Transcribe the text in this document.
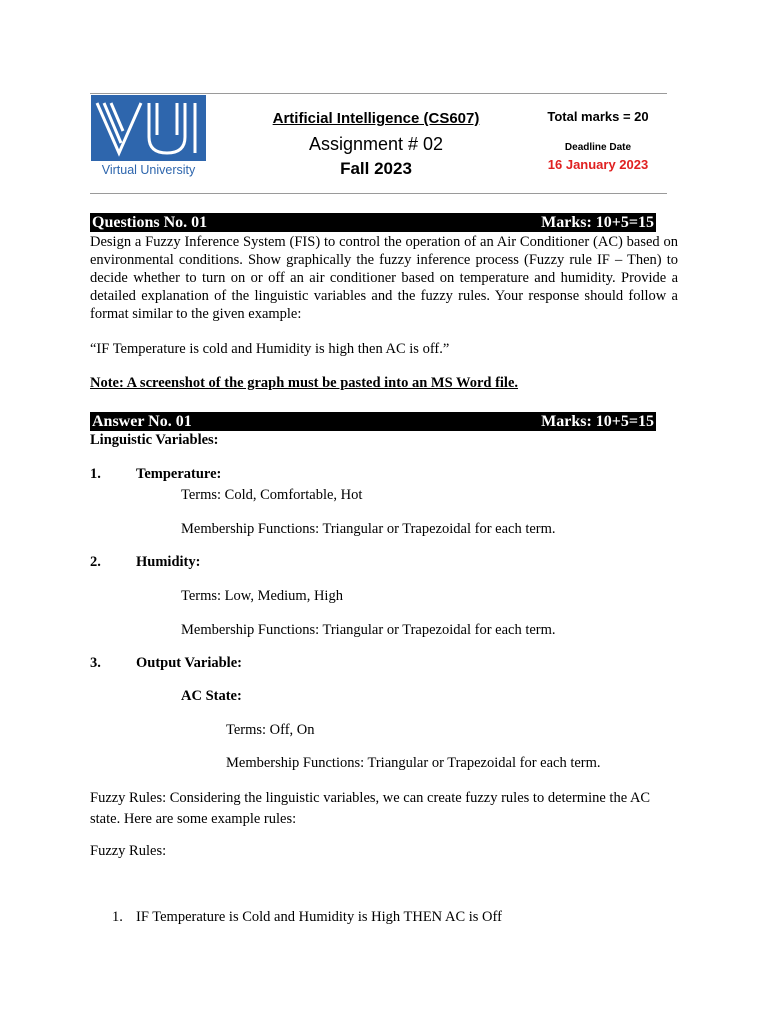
Virtual University
Artificial Intelligence (CS607)
Assignment # 02
Fall 2023
Total marks = 20
Deadline Date
16 January 2023
Questions No. 01	Marks: 10+5=15
Design a Fuzzy Inference System (FIS) to control the operation of an Air Conditioner (AC) based on environmental conditions. Show graphically the fuzzy inference process (Fuzzy rule IF – Then) to decide whether to turn on or off an air conditioner based on temperature and humidity. Provide a detailed explanation of the linguistic variables and the fuzzy rules. Your response should follow a format similar to the given example:
“IF Temperature is cold and Humidity is high then AC is off.”
Note: A screenshot of the graph must be pasted into an MS Word file.
Answer No. 01	Marks: 10+5=15
Linguistic Variables:
1. Temperature:
Terms: Cold, Comfortable, Hot
Membership Functions: Triangular or Trapezoidal for each term.
2. Humidity:
Terms: Low, Medium, High
Membership Functions: Triangular or Trapezoidal for each term.
3. Output Variable:
AC State:
Terms: Off, On
Membership Functions: Triangular or Trapezoidal for each term.
Fuzzy Rules: Considering the linguistic variables, we can create fuzzy rules to determine the AC state. Here are some example rules:
Fuzzy Rules:
1. IF Temperature is Cold and Humidity is High THEN AC is Off
